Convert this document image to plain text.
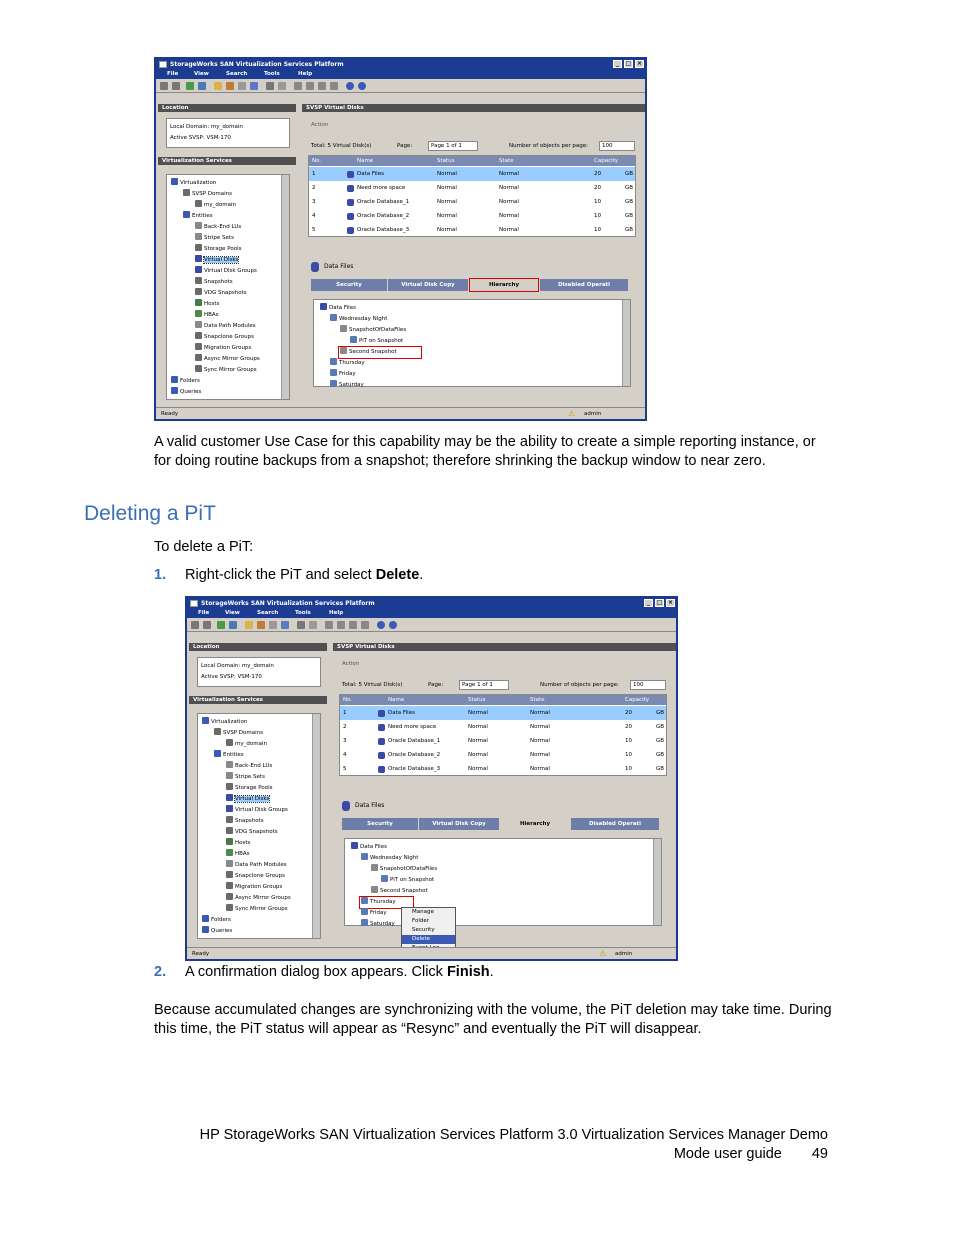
StorageWorks SAN Virtualization Services Platform	_	□ ×
File	View	Search	Tools	Help
Location
Local Domain: my_domain
Active SVSP: VSM-170
Virtualization Services
Virtualization
SVSP Domains
my_domain
Entities
Back-End LUs
Stripe Sets
Storage Pools
Virtual Disks
Virtual Disk Groups
Snapshots
VDG Snapshots
Hosts
HBAs
Data Path Modules
Snapclone Groups
Migration Groups
Async Mirror Groups
Sync Mirror Groups
Folders
Queries
SVSP Virtual Disks
Action
Total: 5 Virtual Disk(s)	Page:	Page 1 of 1	Number of objects per page:	100
No.	Name	Status	State	Capacity
1	Data Files	Normal	Normal	20	GB
2	Need more space	Normal	Normal	20	GB
3	Oracle Database_1	Normal	Normal	10	GB
4	Oracle Database_2	Normal	Normal	10	GB
5	Oracle Database_3	Normal	Normal	10	GB
Data Files
Security	Virtual Disk Copy	Hierarchy	Disabled Operati
Data Files
Wednesday Night
SnapshotOfDataFiles
PiT on Snapshot
Second Snapshot
Thursday
Friday
Saturday
Ready	⚠ admin
A valid customer Use Case for this capability may be the ability to create a simple reporting instance, or for doing routine backups from a snapshot; therefore shrinking the backup window to near zero.
Deleting a PiT
To delete a PiT:
1. Right-click the PiT and select Delete.
StorageWorks SAN Virtualization Services Platform	_	□ ×
File	View	Search	Tools	Help
Location
Local Domain: my_domain
Active SVSP: VSM-170
Virtualization Services
Virtualization
SVSP Domains
my_domain
Entities
Back-End LUs
Stripe Sets
Storage Pools
Virtual Disks
Virtual Disk Groups
Snapshots
VDG Snapshots
Hosts
HBAs
Data Path Modules
Snapclone Groups
Migration Groups
Async Mirror Groups
Sync Mirror Groups
Folders
Queries
SVSP Virtual Disks
Action
Total: 5 Virtual Disk(s)	Page:	Page 1 of 1	Number of objects per page:	100
No.	Name	Status	State	Capacity
1	Data Files	Normal	Normal	20	GB
2	Need more space	Normal	Normal	20	GB
3	Oracle Database_1	Normal	Normal	10	GB
4	Oracle Database_2	Normal	Normal	10	GB
5	Oracle Database_3	Normal	Normal	10	GB
Data Files
Security	Virtual Disk Copy	Hierarchy	Disabled Operati
Data Files
Wednesday Night
SnapshotOfDataFiles
PiT on Snapshot
Second Snapshot
Thursday
Friday
Saturday
Manage
Folder
Security
Delete
Ready	⚠ admin
2. A confirmation dialog box appears. Click Finish.
Because accumulated changes are synchronizing with the volume, the PiT deletion may take time. During this time, the PiT status will appear as “Resync” and eventually the PiT will disappear.
HP StorageWorks SAN Virtualization Services Platform 3.0 Virtualization Services Manager Demo
Mode user guide 49
